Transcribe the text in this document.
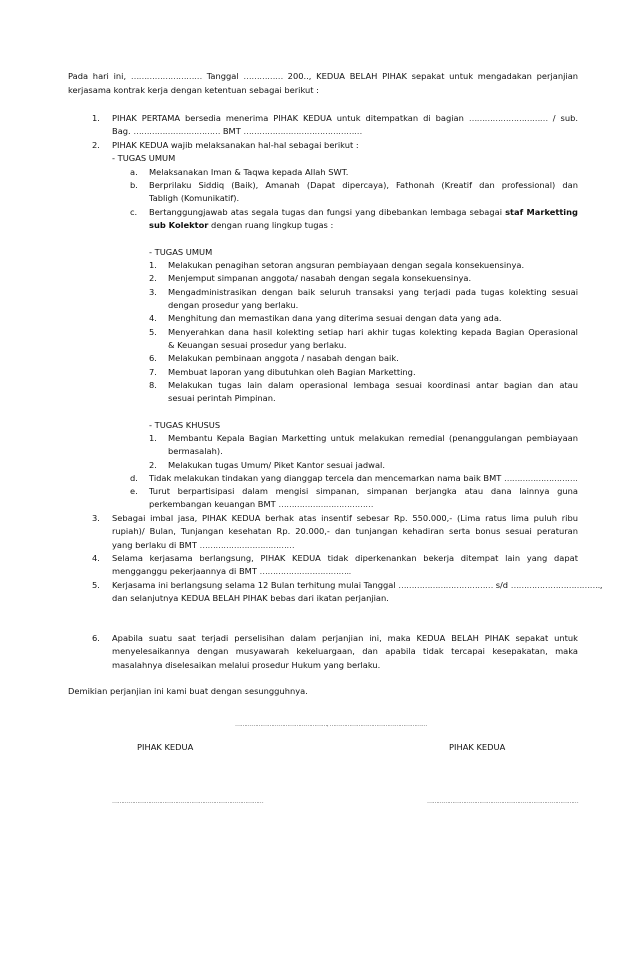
Pada hari ini, ……………………… Tanggal …………… 200.., KEDUA BELAH PIHAK sepakat untuk mengadakan perjanjian
kerjasama kontrak kerja dengan ketentuan sebagai berikut :
1. PIHAK PERTAMA bersedia menerima PIHAK KEDUA untuk ditempatkan di bagian ………………………… / sub.
Bag. …………………………… BMT ………………………………………
2. PIHAK KEDUA wajib melaksanakan hal-hal sebagai berikut :
- TUGAS UMUM
a. Melaksanakan Iman & Taqwa kepada Allah SWT.
b. Berprilaku Siddiq (Baik), Amanah (Dapat dipercaya), Fathonah (Kreatif dan professional) dan
Tabligh (Komunikatif).
c. Bertanggungjawab atas segala tugas dan fungsi yang dibebankan lembaga sebagai staf Marketting
sub Kolektor dengan ruang lingkup tugas :
- TUGAS UMUM
1. Melakukan penagihan setoran angsuran pembiayaan dengan segala konsekuensinya.
2. Menjemput simpanan anggota/ nasabah dengan segala konsekuensinya.
3. Mengadministrasikan dengan baik seluruh transaksi yang terjadi pada tugas kolekting sesuai
dengan prosedur yang berlaku.
4. Menghitung dan memastikan dana yang diterima sesuai dengan data yang ada.
5. Menyerahkan dana hasil kolekting setiap hari akhir tugas kolekting kepada Bagian Operasional
& Keuangan sesuai prosedur yang berlaku.
6. Melakukan pembinaan anggota / nasabah dengan baik.
7. Membuat laporan yang dibutuhkan oleh Bagian Marketting.
8. Melakukan tugas lain dalam operasional lembaga sesuai koordinasi antar bagian dan atau
sesuai perintah Pimpinan.
- TUGAS KHUSUS
1. Membantu Kepala Bagian Marketting untuk melakukan remedial (penanggulangan pembiayaan
bermasalah).
2. Melakukan tugas Umum/ Piket Kantor sesuai jadwal.
d. Tidak melakukan tindakan yang dianggap tercela dan mencemarkan nama baik BMT ……………………….
e. Turut berpartisipasi dalam mengisi simpanan, simpanan berjangka atau dana lainnya guna
perkembangan keuangan BMT ………………………………
3. Sebagai imbal jasa, PIHAK KEDUA berhak atas insentif sebesar Rp. 550.000,- (Lima ratus lima puluh ribu
rupiah)/ Bulan, Tunjangan kesehatan Rp. 20.000,- dan tunjangan kehadiran serta bonus sesuai peraturan
yang berlaku di BMT ………………………………
4. Selama kerjasama berlangsung, PIHAK KEDUA tidak diperkenankan bekerja ditempat lain yang dapat
mengganggu pekerjaannya di BMT ……………………………..
5. Kerjasama ini berlangsung selama 12 Bulan terhitung mulai Tanggal ……………………………… s/d …………………………….,
dan selanjutnya KEDUA BELAH PIHAK bebas dari ikatan perjanjian.
6. Apabila suatu saat terjadi perselisihan dalam perjanjian ini, maka KEDUA BELAH PIHAK sepakat untuk
menyelesaikannya dengan musyawarah kekeluargaan, dan apabila tidak tercapai kesepakatan, maka
masalahnya diselesaikan melalui prosedur Hukum yang berlaku.
Demikian perjanjian ini kami buat dengan sesungguhnya.
……………………………………………, ………………………………………………
PIHAK KEDUA	PIHAK KEDUA
…………………………………………………………………………	…………………………………………………………………………
